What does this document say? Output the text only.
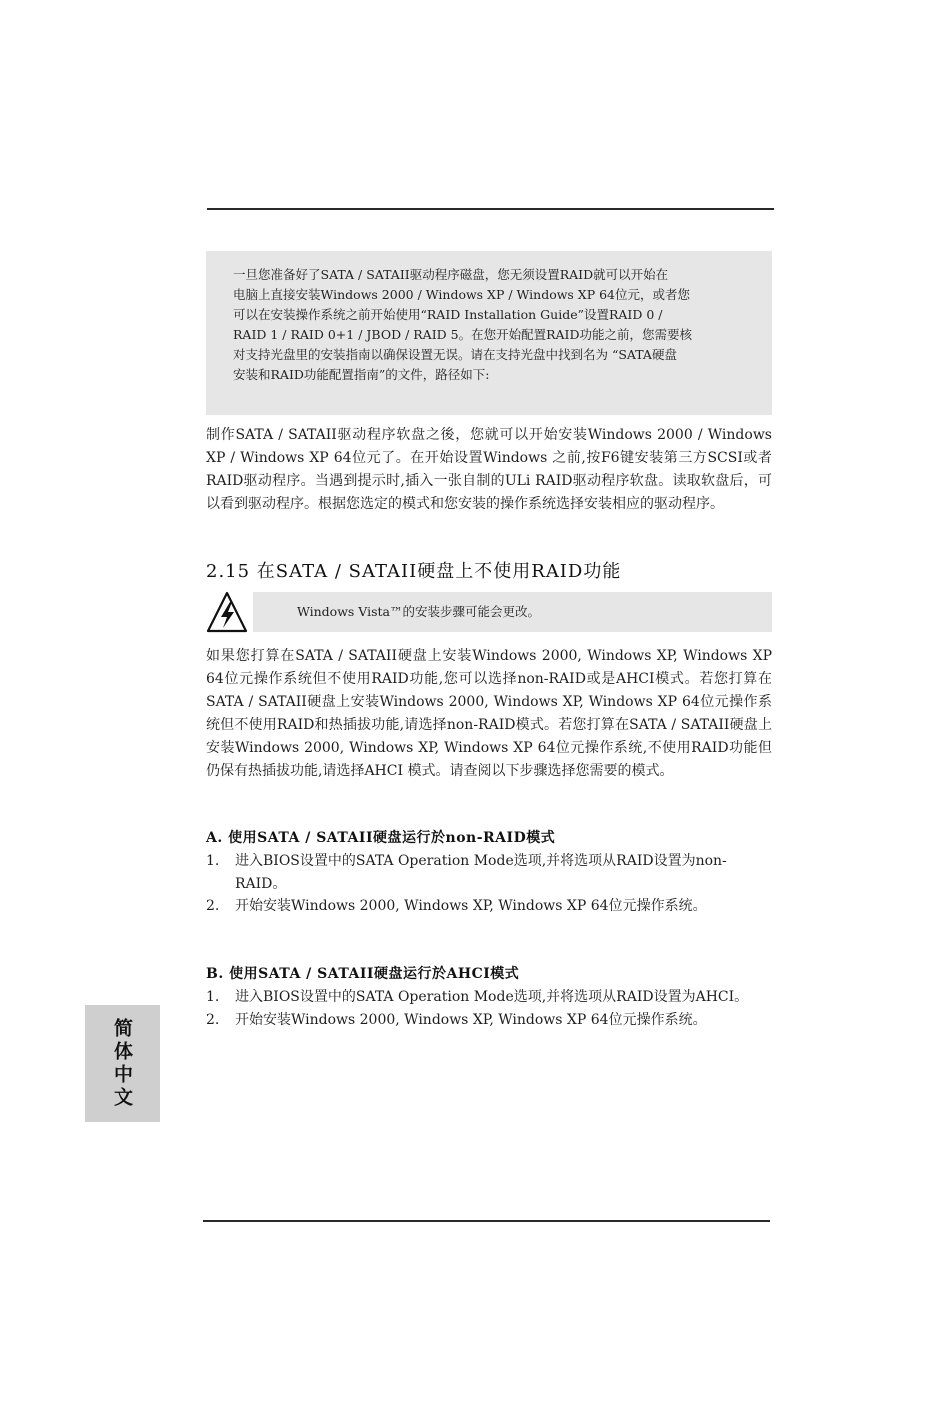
一旦您准备好了SATA / SATAII驱动程序磁盘，您无须设置RAID就可以开始在

电脑上直接安装Windows 2000 / Windows XP / Windows XP 64位元，或者您

可以在安装操作系统之前开始使用“RAID Installation Guide”设置RAID 0 /

RAID 1 / RAID 0+1 / JBOD / RAID 5。在您开始配置RAID功能之前，您需要核

对支持光盘里的安装指南以确保设置无误。请在支持光盘中找到名为 “SATA硬盘

安装和RAID功能配置指南”的文件，路径如下:

制作SATA / SATAII驱动程序软盘之後，您就可以开始安装Windows 2000 / Windows XP / Windows XP 64位元了。在开始设置Windows 之前,按F6键安装第三方SCSI或者RAID驱动程序。当遇到提示时,插入一张自制的ULi RAID驱动程序软盘。读取软盘后，可以看到驱动程序。根据您选定的模式和您安装的操作系统选择安装相应的驱动程序。

2.15 在SATA / SATAII硬盘上不使用RAID功能
Windows Vista™的安装步骤可能会更改。

如果您打算在SATA / SATAII硬盘上安装Windows 2000, Windows XP, Windows XP 64位元操作系统但不使用RAID功能,您可以选择non-RAID或是AHCI模式。若您打算在SATA / SATAII硬盘上安装Windows 2000, Windows XP, Windows XP 64位元操作系统但不使用RAID和热插拔功能,请选择non-RAID模式。若您打算在SATA / SATAII硬盘上安装Windows 2000, Windows XP, Windows XP 64位元操作系统,不使用RAID功能但仍保有热插拔功能,请选择AHCI 模式。请查阅以下步骤选择您需要的模式。

A. 使用SATA / SATAII硬盘运行於non-RAID模式
1. 进入BIOS设置中的SATA Operation Mode选项,并将选项从RAID设置为non-RAID。
2. 开始安装Windows 2000, Windows XP, Windows XP 64位元操作系统。
B. 使用SATA / SATAII硬盘运行於AHCI模式
1. 进入BIOS设置中的SATA Operation Mode选项,并将选项从RAID设置为AHCI。
2. 开始安装Windows 2000, Windows XP, Windows XP 64位元操作系统。
简体中文
